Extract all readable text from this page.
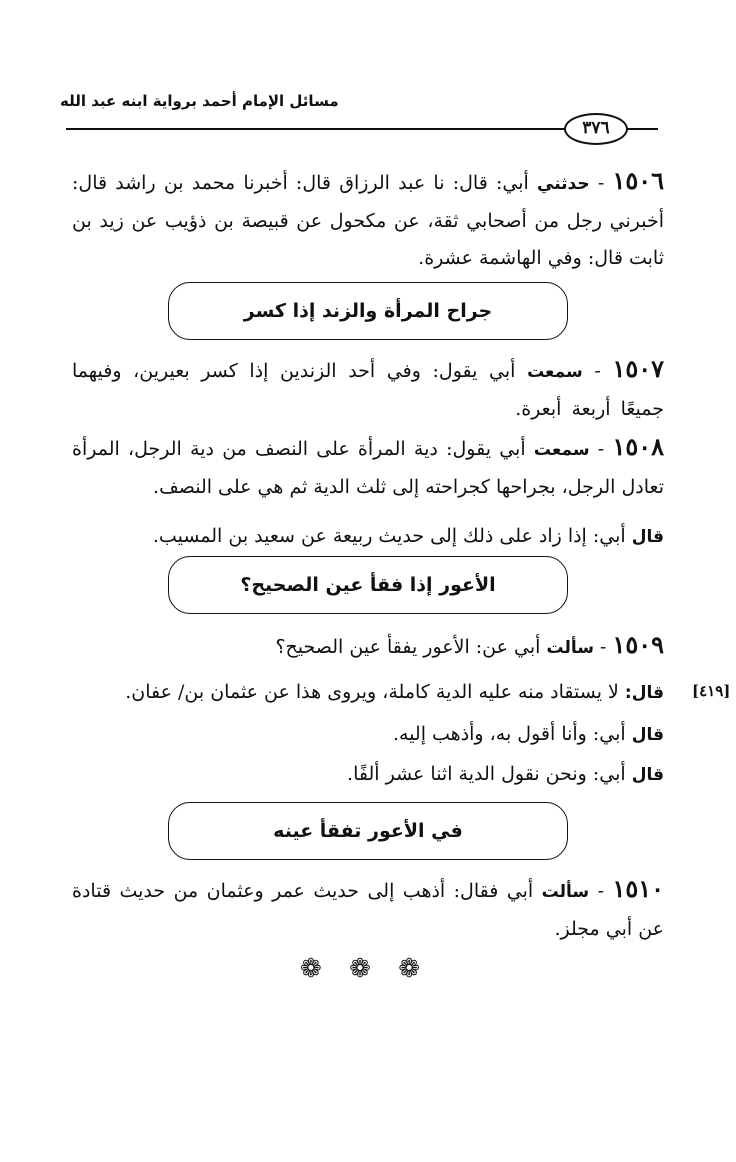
مسائل الإمام أحمد برواية ابنه عبد الله
٣٧٦
١٥٠٦ - حدثني أبي: قال: نا عبد الرزاق قال: أخبرنا محمد بن راشد قال: أخبرني رجل من أصحابي ثقة، عن مكحول عن قبيصة بن ذؤيب عن زيد بن ثابت قال: وفي الهاشمة عشرة.
جراح المرأة والزند إذا كسر
١٥٠٧ - سمعت أبي يقول: وفي أحد الزندين إذا كسر بعيرين، وفيهما جميعًا أربعة أبعرة.
١٥٠٨ - سمعت أبي يقول: دية المرأة على النصف من دية الرجل، المرأة تعادل الرجل، بجراحها كجراحته إلى ثلث الدية ثم هي على النصف.
قال أبي: إذا زاد على ذلك إلى حديث ربيعة عن سعيد بن المسيب.
الأعور إذا فقأ عين الصحيح؟
١٥٠٩ - سألت أبي عن: الأعور يفقأ عين الصحيح؟
[٤١٩]
قال: لا يستقاد منه عليه الدية كاملة، ويروى هذا عن عثمان بن/ عفان.
قال أبي: وأنا أقول به، وأذهب إليه.
قال أبي: ونحن نقول الدية اثنا عشر ألفًا.
في الأعور تفقأ عينه
١٥١٠ - سألت أبي فقال: أذهب إلى حديث عمر وعثمان من حديث قتادة عن أبي مجلز.
❁ ❁ ❁
